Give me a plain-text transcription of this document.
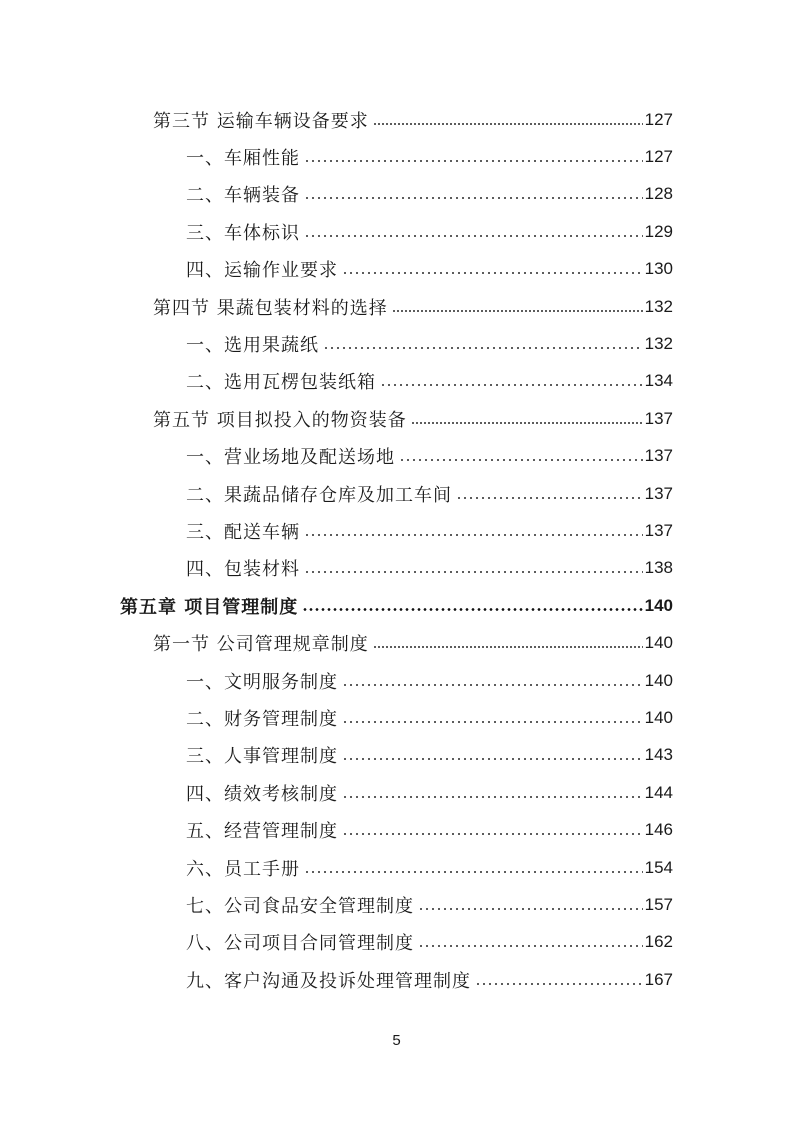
第三节 运输车辆设备要求	127
一、车厢性能	127
二、车辆装备	128
三、车体标识	129
四、运输作业要求	130
第四节 果蔬包装材料的选择	132
一、选用果蔬纸	132
二、选用瓦楞包装纸箱	134
第五节 项目拟投入的物资装备	137
一、营业场地及配送场地	137
二、果蔬品储存仓库及加工车间	137
三、配送车辆	137
四、包装材料	138
第五章 项目管理制度	140
第一节 公司管理规章制度	140
一、文明服务制度	140
二、财务管理制度	140
三、人事管理制度	143
四、绩效考核制度	144
五、经营管理制度	146
六、员工手册	154
七、公司食品安全管理制度	157
八、公司项目合同管理制度	162
九、客户沟通及投诉处理管理制度	167
5
